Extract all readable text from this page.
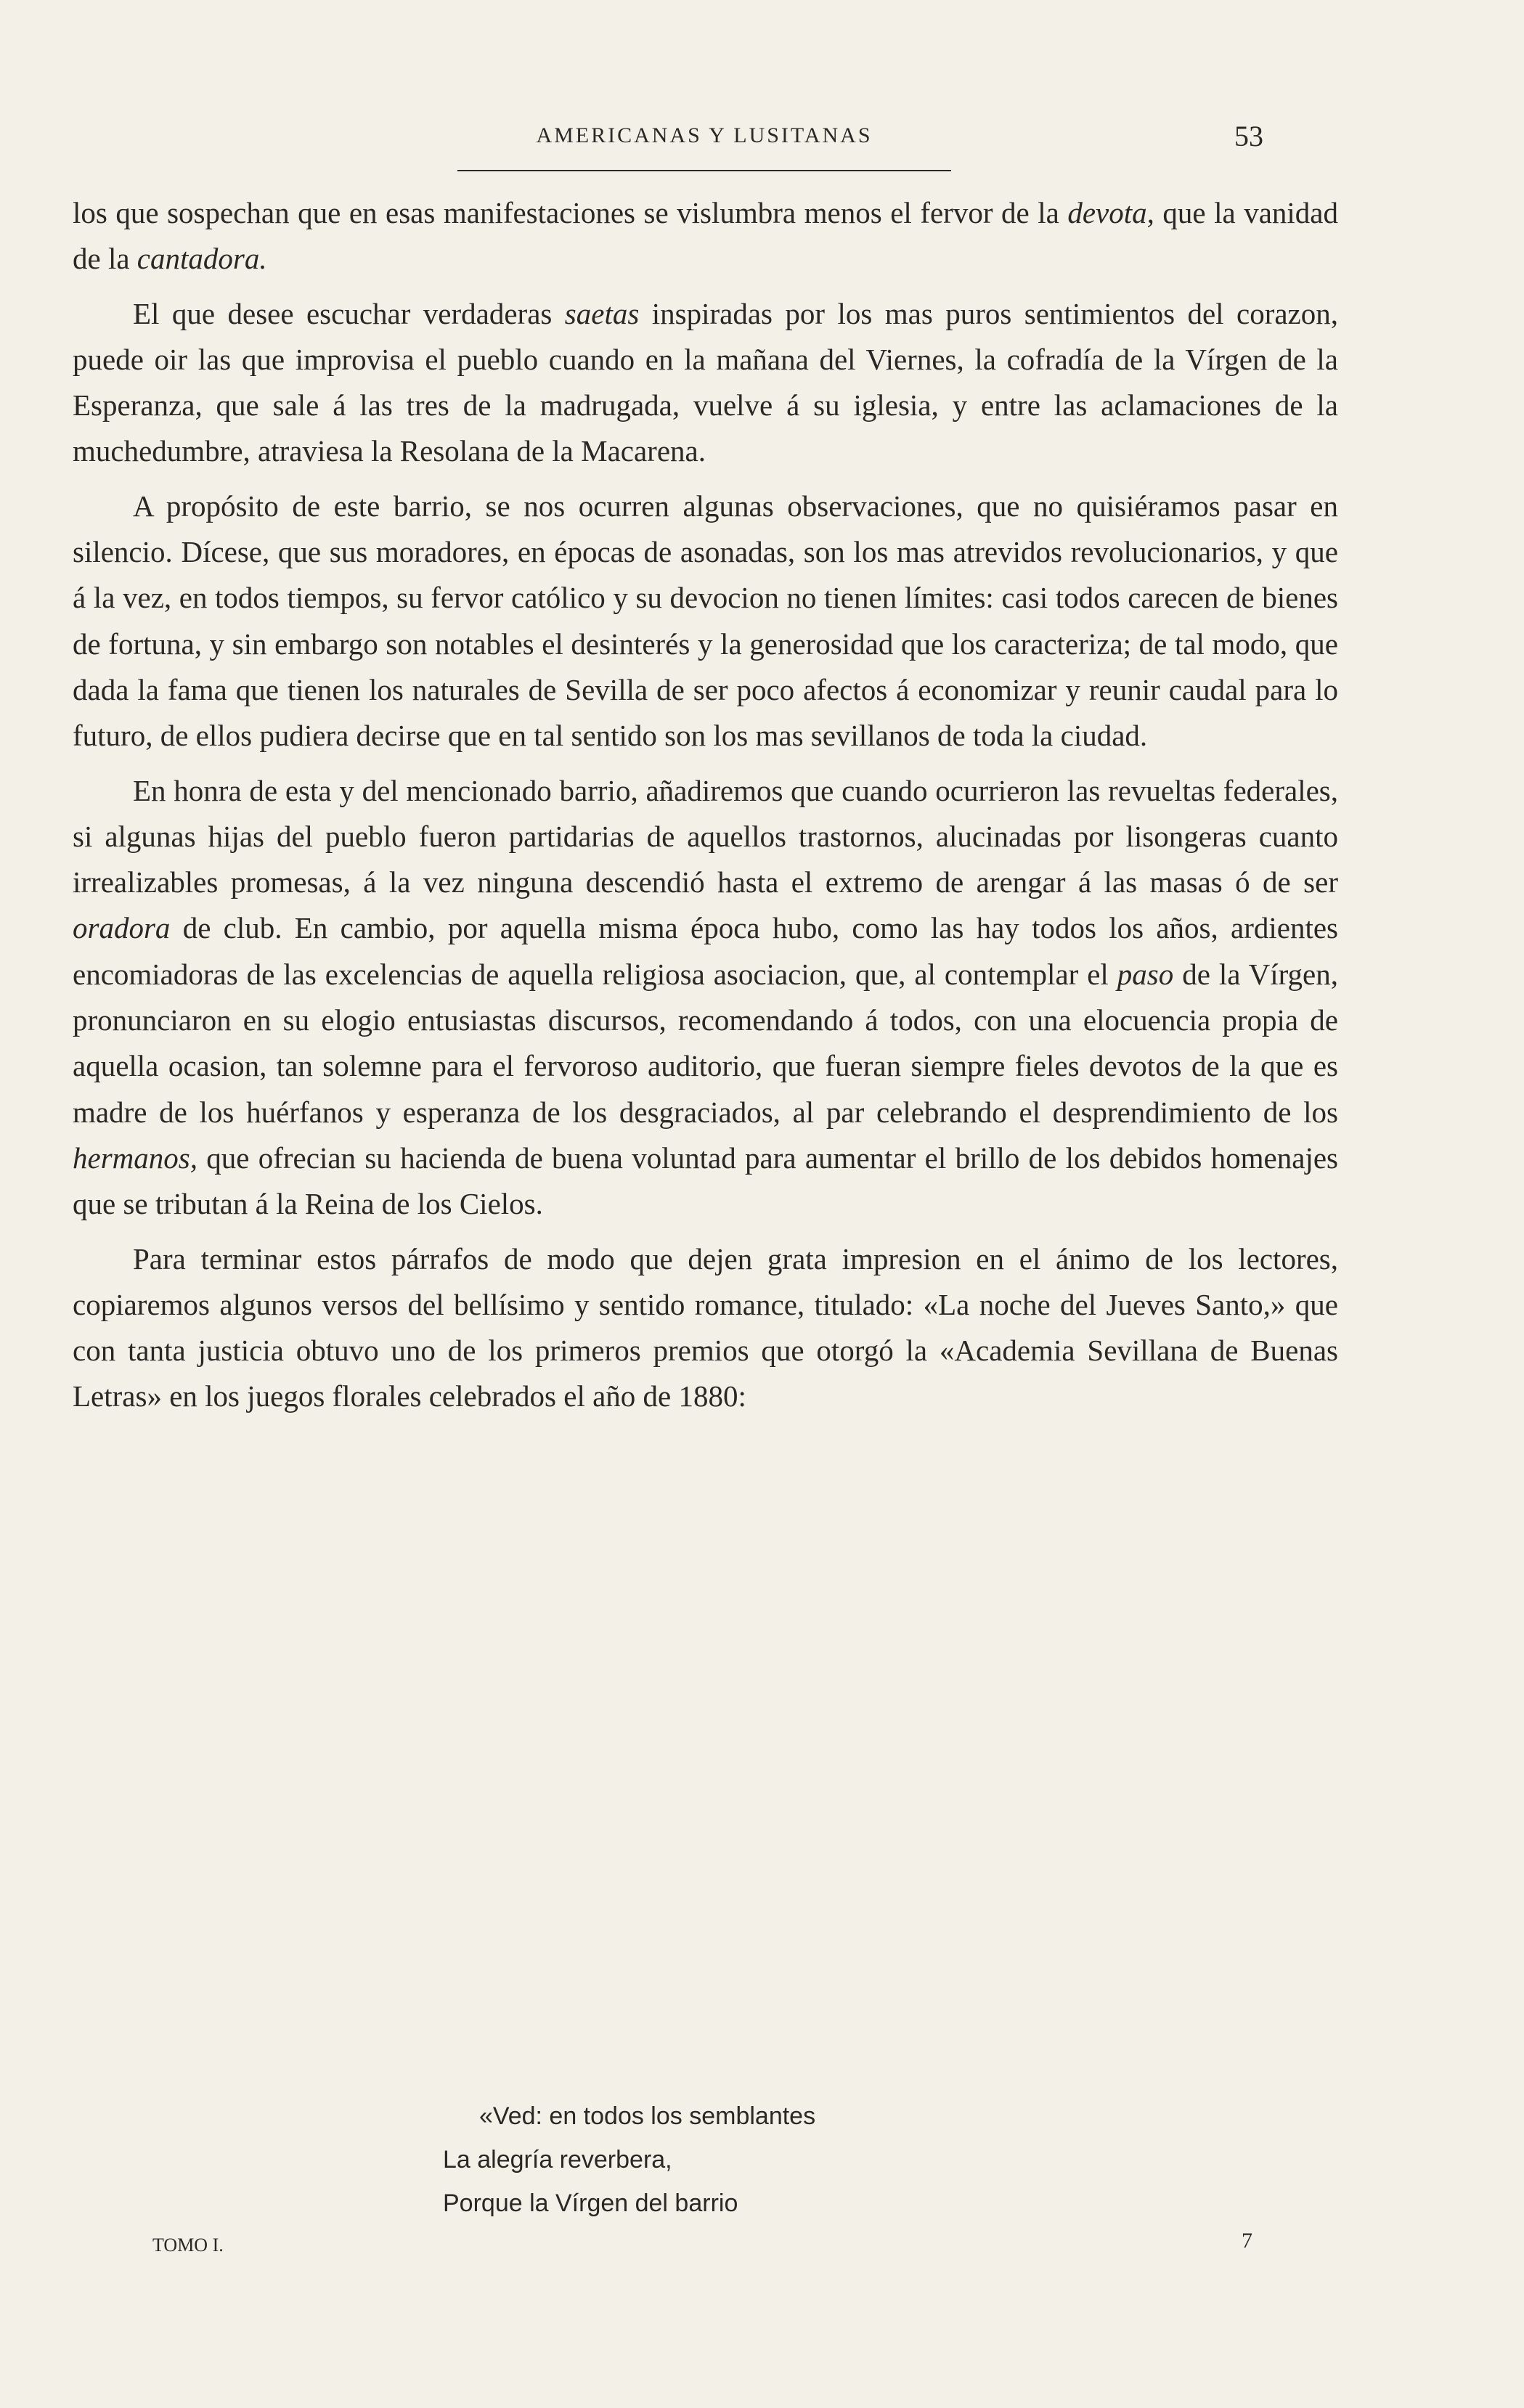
AMERICANAS Y LUSITANAS	53

los que sospechan que en esas manifestaciones se vislumbra menos el fervor de la devota, que la vanidad de la cantadora.

El que desee escuchar verdaderas saetas inspiradas por los mas puros sentimientos del corazon, puede oir las que improvisa el pueblo cuando en la mañana del Viernes, la cofradía de la Vírgen de la Esperanza, que sale á las tres de la madrugada, vuelve á su iglesia, y entre las aclamaciones de la muchedumbre, atraviesa la Resolana de la Macarena.

A propósito de este barrio, se nos ocurren algunas observaciones, que no quisiéramos pasar en silencio. Dícese, que sus moradores, en épocas de asonadas, son los mas atrevidos revolucionarios, y que á la vez, en todos tiempos, su fervor católico y su devocion no tienen límites: casi todos carecen de bienes de fortuna, y sin embargo son notables el desinterés y la generosidad que los caracteriza; de tal modo, que dada la fama que tienen los naturales de Sevilla de ser poco afectos á economizar y reunir caudal para lo futuro, de ellos pudiera decirse que en tal sentido son los mas sevillanos de toda la ciudad.

En honra de esta y del mencionado barrio, añadiremos que cuando ocurrieron las revueltas federales, si algunas hijas del pueblo fueron partidarias de aquellos trastornos, alucinadas por lisongeras cuanto irrealizables promesas, á la vez ninguna descendió hasta el extremo de arengar á las masas ó de ser oradora de club. En cambio, por aquella misma época hubo, como las hay todos los años, ardientes encomiadoras de las excelencias de aquella religiosa asociacion, que, al contemplar el paso de la Vírgen, pronunciaron en su elogio entusiastas discursos, recomendando á todos, con una elocuencia propia de aquella ocasion, tan solemne para el fervoroso auditorio, que fueran siempre fieles devotos de la que es madre de los huérfanos y esperanza de los desgraciados, al par celebrando el desprendimiento de los hermanos, que ofrecian su hacienda de buena voluntad para aumentar el brillo de los debidos homenajes que se tributan á la Reina de los Cielos.

Para terminar estos párrafos de modo que dejen grata impresion en el ánimo de los lectores, copiaremos algunos versos del bellísimo y sentido romance, titulado: «La noche del Jueves Santo,» que con tanta justicia obtuvo uno de los primeros premios que otorgó la «Academia Sevillana de Buenas Letras» en los juegos florales celebrados el año de 1880:

«Ved: en todos los semblantes
La alegría reverbera,
Porque la Vírgen del barrio
TOMO I.	7
